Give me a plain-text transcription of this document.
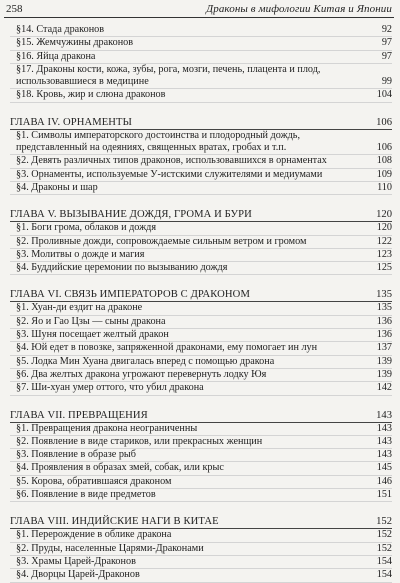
258	Драконы в мифологии Китая и Японии
§14. Стада драконов	92
§15. Жемчужины драконов	97
§16. Яйца дракона	97
§17. Драконы кости, кожа, зубы, рога, мозги, печень, плацента и плод, использовавшиеся в медицине	99
§18. Кровь, жир и слюна драконов	104
ГЛАВА IV. ОРНАМЕНТЫ	106
§1. Символы императорского достоинства и плодородный дождь, представленный на одеяниях, священных вратах, гробах и т.п.	106
§2. Девять различных типов драконов, использовавшихся в орнаментах	108
§3. Орнаменты, используемые У-истскими служителями и медиумами	109
§4. Драконы и шар	110
ГЛАВА V. ВЫЗЫВАНИЕ ДОЖДЯ, ГРОМА И БУРИ	120
§1. Боги грома, облаков и дождя	120
§2. Проливные дожди, сопровождаемые сильным ветром и громом	122
§3. Молитвы о дожде и магия	123
§4. Буддийские церемонии по вызыванию дождя	125
ГЛАВА VI. СВЯЗЬ ИМПЕРАТОРОВ С ДРАКОНОМ	135
§1. Хуан-ди ездит на драконе	135
§2. Яо и Гао Цзы — сыны дракона	136
§3. Шуня посещает желтый дракон	136
§4. Юй едет в повозке, запряженной драконами, ему помогает ин лун	137
§5. Лодка Мин Хуана двигалась вперед с помощью дракона	139
§6. Два желтых дракона угрожают перевернуть лодку Юя	139
§7. Ши-хуан умер оттого, что убил дракона	142
ГЛАВА VII. ПРЕВРАЩЕНИЯ	143
§1. Превращения дракона неограниченны	143
§2. Появление в виде стариков, или прекрасных женщин	143
§3. Появление в образе рыб	143
§4. Проявления в образах змей, собак, или крыс	145
§5. Корова, обратившаяся драконом	146
§6. Появление в виде предметов	151
ГЛАВА VIII. ИНДИЙСКИЕ НАГИ В КИТАЕ	152
§1. Перерождение в облике дракона	152
§2. Пруды, населенные Царями-Драконами	152
§3. Храмы Царей-Драконов	154
§4. Дворцы Царей-Драконов	154
